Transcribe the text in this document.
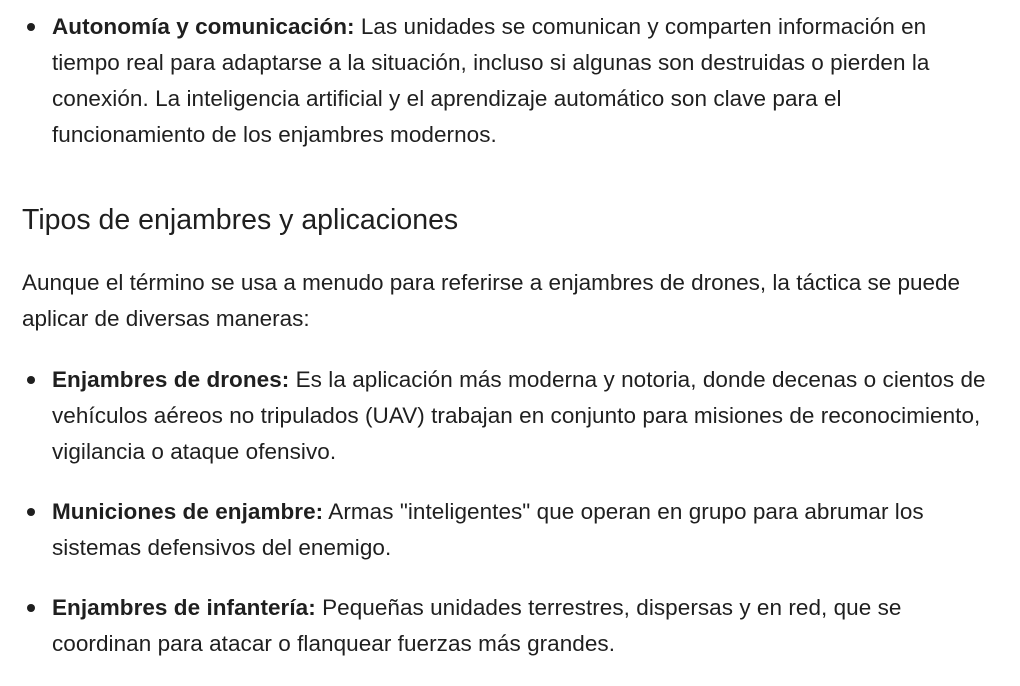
Autonomía y comunicación: Las unidades se comunican y comparten información en tiempo real para adaptarse a la situación, incluso si algunas son destruidas o pierden la conexión. La inteligencia artificial y el aprendizaje automático son clave para el funcionamiento de los enjambres modernos.
Tipos de enjambres y aplicaciones

Aunque el término se usa a menudo para referirse a enjambres de drones, la táctica se puede aplicar de diversas maneras:

Enjambres de drones: Es la aplicación más moderna y notoria, donde decenas o cientos de vehículos aéreos no tripulados (UAV) trabajan en conjunto para misiones de reconocimiento, vigilancia o ataque ofensivo.
Municiones de enjambre: Armas "inteligentes" que operan en grupo para abrumar los sistemas defensivos del enemigo.
Enjambres de infantería: Pequeñas unidades terrestres, dispersas y en red, que se coordinan para atacar o flanquear fuerzas más grandes.
